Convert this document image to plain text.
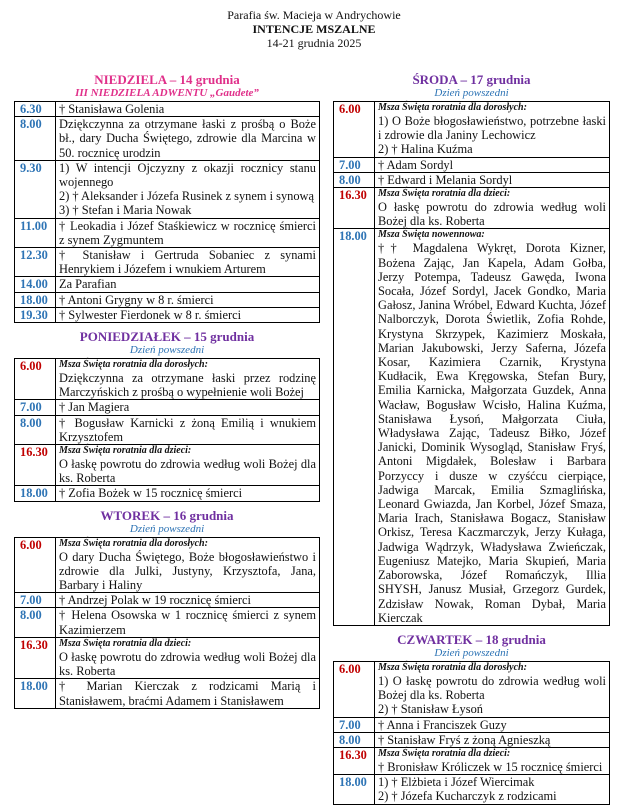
Parafia św. Macieja w Andrychowie
INTENCJE MSZALNE
14-21 grudnia 2025
NIEDZIELA – 14 grudnia
III NIEDZIELA ADWENTU „Gaudete”
6.30	† Stanisława Golenia

8.00	Dziękczynna za otrzymane łaski z prośbą o Boże bł., dary Ducha Świętego, zdrowie dla Marcina w 50. rocznicę urodzin

9.30	1) W intencji Ojczyzny z okazji rocznicy stanu wojennego
2) † Aleksander i Józefa Rusinek z synem i synową
3) † Stefan i Maria Nowak

11.00	† Leokadia i Józef Staśkiewicz w rocznicę śmierci z synem Zygmuntem

12.30	† Stanisław i Gertruda Sobaniec z synami Henrykiem i Józefem i wnukiem Arturem

14.00	Za Parafian

18.00	† Antoni Grygny w 8 r. śmierci

19.30	† Sylwester Fierdonek w 8 r. śmierci
PONIEDZIAŁEK – 15 grudnia
Dzień powszedni
6.00	Msza Święta roratnia dla dorosłych:
Dziękczynna za otrzymane łaski przez rodzinę Marczyńskich z prośbą o wypełnienie woli Bożej

7.00	† Jan Magiera

8.00	† Bogusław Karnicki z żoną Emilią i wnukiem Krzysztofem

16.30	Msza Święta roratnia dla dzieci:
O łaskę powrotu do zdrowia według woli Bożej dla ks. Roberta

18.00	† Zofia Bożek w 15 rocznicę śmierci
WTOREK – 16 grudnia
Dzień powszedni
6.00	Msza Święta roratnia dla dorosłych:
O dary Ducha Świętego, Boże błogosławieństwo i zdrowie dla Julki, Justyny, Krzysztofa, Jana, Barbary i Haliny

7.00	† Andrzej Polak w 19 rocznicę śmierci

8.00	† Helena Osowska w 1 rocznicę śmierci z synem Kazimierzem

16.30	Msza Święta roratnia dla dzieci:
O łaskę powrotu do zdrowia według woli Bożej dla ks. Roberta

18.00	† Marian Kierczak z rodzicami Marią i Stanisławem, braćmi Adamem i Stanisławem
ŚRODA – 17 grudnia
Dzień powszedni
6.00	Msza Święta roratnia dla dorosłych:
1) O Boże błogosławieństwo, potrzebne łaski i zdrowie dla Janiny Lechowicz
2) † Halina Kuźma

7.00	† Adam Sordyl

8.00	† Edward i Melania Sordyl

16.30	Msza Święta roratnia dla dzieci:
O łaskę powrotu do zdrowia według woli Bożej dla ks. Roberta

18.00	Msza Święta nowennowa:
†† Magdalena Wykręt, Dorota Kizner, Bożena Zając, Jan Kapela, Adam Gołba, Jerzy Potempa, Tadeusz Gawęda, Iwona Socała, Józef Sordyl, Jacek Gondko, Maria Gałosz, Janina Wróbel, Edward Kuchta, Józef Nalborczyk, Dorota Świetlik, Zofia Rohde, Krystyna Skrzypek, Kazimierz Moskała, Marian Jakubowski, Jerzy Saferna, Józefa Kosar, Kazimiera Czarnik, Krystyna Kudłacik, Ewa Kręgowska, Stefan Bury, Emilia Karnicka, Małgorzata Guzdek, Anna Wacław, Bogusław Wcisło, Halina Kuźma, Stanisława Łysoń, Małgorzata Ciuła, Władysława Zając, Tadeusz Biłko, Józef Janicki, Dominik Wysogląd, Stanisław Fryś, Antoni Migdałek, Bolesław i Barbara Porzyccy i dusze w czyśćcu cierpiące, Jadwiga Marcak, Emilia Szmaglińska, Leonard Gwiazda, Jan Korbel, Józef Smaza, Maria Irach, Stanisława Bogacz, Stanisław Orkisz, Teresa Kaczmarczyk, Jerzy Kułaga, Jadwiga Wądrzyk, Władysława Zwieńczak, Eugeniusz Matejko, Maria Skupień, Maria Zaborowska, Józef Romańczyk, Illia SHYSH, Janusz Musiał, Grzegorz Gurdek, Zdzisław Nowak, Roman Dybał, Maria Kierczak
CZWARTEK – 18 grudnia
Dzień powszedni
6.00	Msza Święta roratnia dla dorosłych:
1) O łaskę powrotu do zdrowia według woli Bożej dla ks. Roberta
2) † Stanisław Łysoń

7.00	† Anna i Franciszek Guzy

8.00	† Stanisław Fryś z żoną Agnieszką

16.30	Msza Święta roratnia dla dzieci:
† Bronisław Króliczek w 15 rocznicę śmierci

18.00	1) † Elżbieta i Józef Wiercimak
2) † Józefa Kucharczyk z rodzicami
